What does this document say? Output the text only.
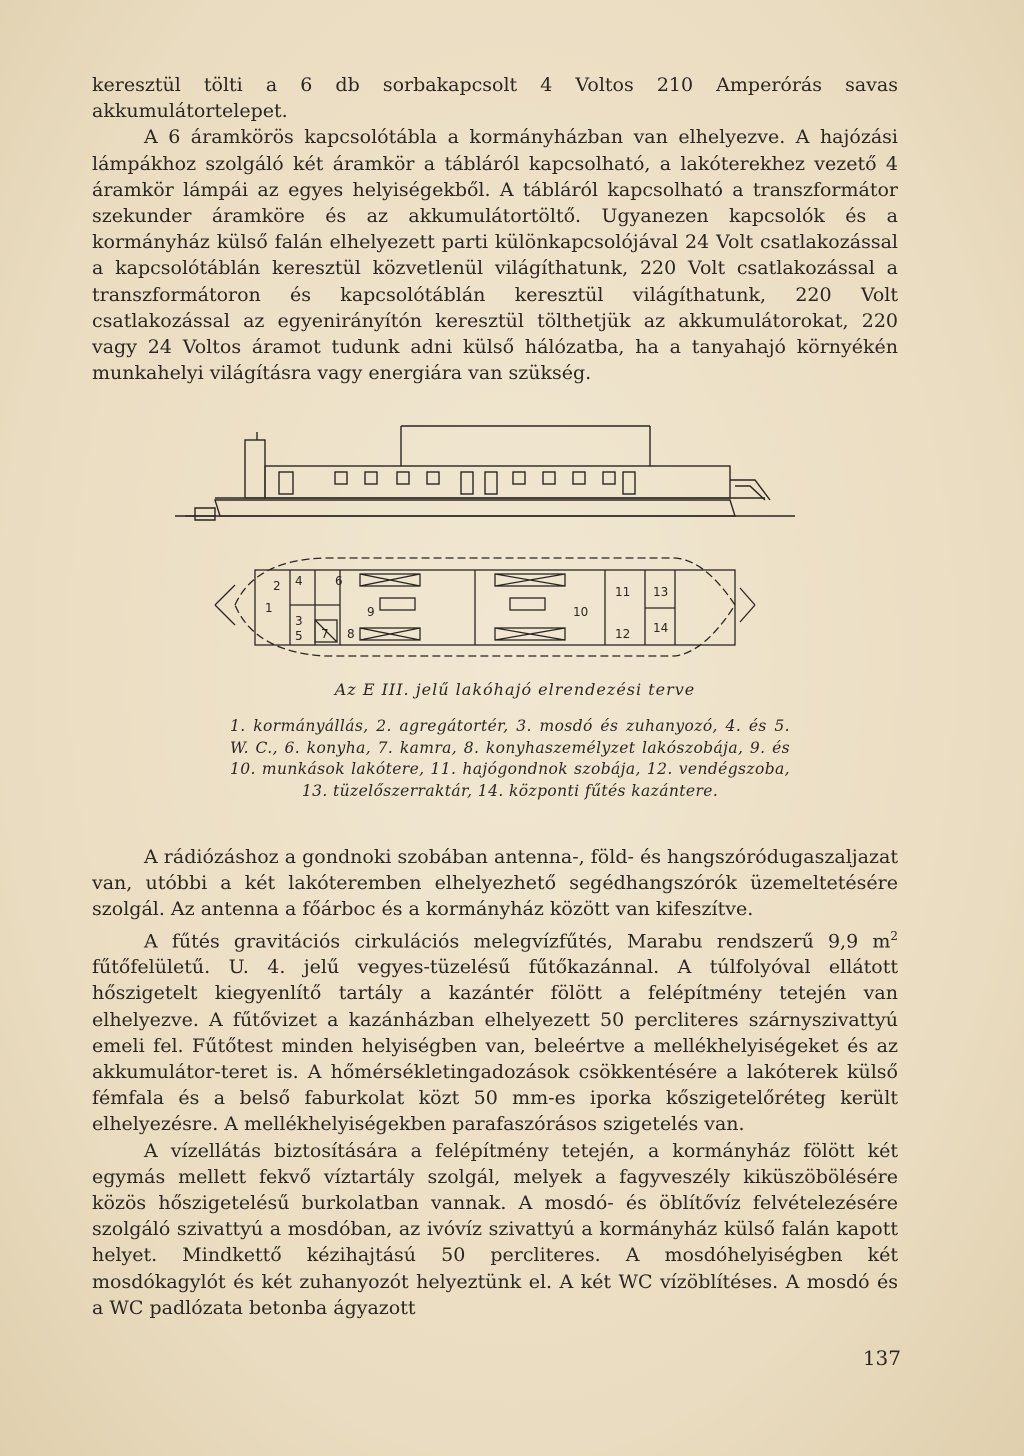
keresztül tölti a 6 db sorbakapcsolt 4 Voltos 210 Amperórás savas akkumulátortelepet.

A 6 áramkörös kapcsolótábla a kormányházban van elhelyezve. A hajózási lámpákhoz szolgáló két áramkör a tábláról kapcsolható, a lakóterekhez vezető 4 áramkör lámpái az egyes helyiségekből. A tábláról kapcsolható a transzformátor szekunder áramköre és az akkumulátortöltő. Ugyanezen kapcsolók és a kormányház külső falán elhelyezett parti különkapcsolójával 24 Volt csatlakozással a kapcsolótáblán keresztül közvetlenül világíthatunk, 220 Volt csatlakozással a transzformátoron és kapcsolótáblán keresztül világíthatunk, 220 Volt csatlakozással az egyenirányítón keresztül tölthetjük az akkumulátorokat, 220 vagy 24 Voltos áramot tudunk adni külső hálózatba, ha a tanyahajó környékén munkahelyi világításra vagy energiára van szükség.

1
2
3
4
5
6
7 8
9	10
11
12
13
14
Az E III. jelű lakóhajó elrendezési terve

1. kormányállás, 2. agregátortér, 3. mosdó és zuhanyozó, 4. és 5. W. C., 6. konyha, 7. kamra, 8. konyhaszemélyzet lakószobája, 9. és 10. munkások lakótere, 11. hajógondnok szobája, 12. vendégszoba, 13. tüzelőszerraktár, 14. központi fűtés kazántere.

A rádiózáshoz a gondnoki szobában antenna-, föld- és hangszóródugaszaljazat van, utóbbi a két lakóteremben elhelyezhető segédhangszórók üzemeltetésére szolgál. Az antenna a főárboc és a kormányház között van kifeszítve.

A fűtés gravitációs cirkulációs melegvízfűtés, Marabu rendszerű 9,9 $m^2$ fűtőfelületű. U. 4. jelű vegyes-tüzelésű fűtőkazánnal. A túlfolyóval ellátott hőszigetelt kiegyenlítő tartály a kazántér fölött a felépítmény tetején van elhelyezve. A fűtővizet a kazánházban elhelyezett 50 percliteres szárnyszivattyú emeli fel. Fűtőtest minden helyiségben van, beleértve a mellékhelyiségeket és az akkumulátor-teret is. A hőmérsékletingadozások csökkentésére a lakóterek külső fémfala és a belső faburkolat közt 50 mm-es iporka kőszigetelőréteg került elhelyezésre. A mellékhelyiségekben parafaszórásos szigetelés van.

A vízellátás biztosítására a felépítmény tetején, a kormányház fölött két egymás mellett fekvő víztartály szolgál, melyek a fagyveszély kiküszöbölésére közös hőszigetelésű burkolatban vannak. A mosdó- és öblítővíz felvételezésére szolgáló szivattyú a mosdóban, az ivóvíz szivattyú a kormányház külső falán kapott helyet. Mindkettő kézihajtású 50 percliteres. A mosdóhelyiségben két mosdókagylót és két zuhanyozót helyeztünk el. A két WC vízöblítéses. A mosdó és a WC padlózata betonba ágyazott

137
